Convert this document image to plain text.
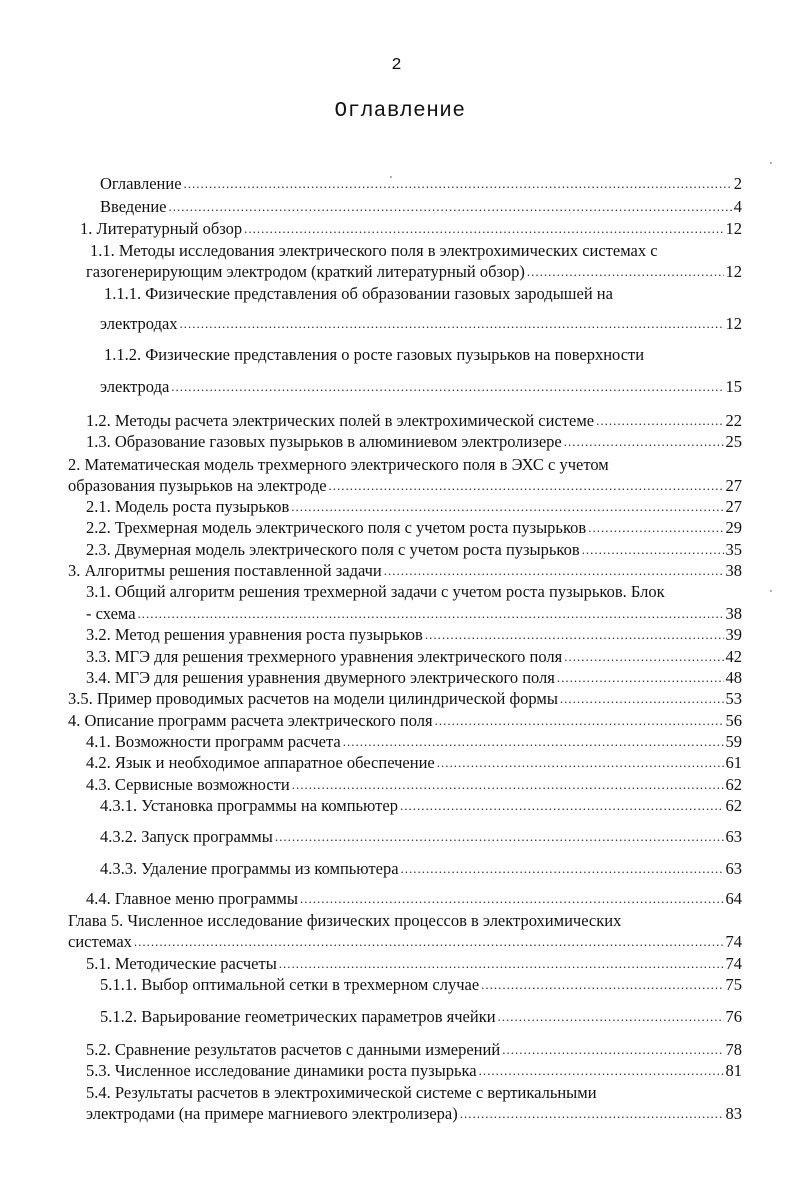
2
Оглавление
Оглавление .....	2
Введение .....	4
1. Литературный обзор .....	12
1.1. Методы исследования электрического поля в электрохимических системах с
газогенерирующим электродом (краткий литературный обзор) .....	12
1.1.1. Физические представления об образовании газовых зародышей на
электродах .....	12
1.1.2. Физические представления о росте газовых пузырьков на поверхности
электрода .....	15
1.2. Методы расчета электрических полей в электрохимической системе .....	22
1.3. Образование газовых пузырьков в алюминиевом электролизере .....	25
2. Математическая модель трехмерного электрического поля в ЭХС с учетом
образования пузырьков на электроде .....	27
2.1. Модель роста пузырьков .....	27
2.2. Трехмерная модель электрического поля с учетом роста пузырьков .....	29
2.3. Двумерная модель электрического поля с учетом роста пузырьков .....	35
3. Алгоритмы решения поставленной задачи .....	38
3.1. Общий алгоритм решения трехмерной задачи с учетом роста пузырьков. Блок
- схема .....	38
3.2. Метод решения уравнения роста пузырьков .....	39
3.3. МГЭ для решения трехмерного уравнения электрического поля .....	42
3.4. МГЭ для решения уравнения двумерного электрического поля .....	48
3.5. Пример проводимых расчетов на модели цилиндрической формы .....	53
4. Описание программ расчета электрического поля .....	56
4.1. Возможности программ расчета .....	59
4.2. Язык и необходимое аппаратное обеспечение .....	61
4.3. Сервисные возможности .....	62
4.3.1. Установка программы на компьютер .....	62
4.3.2. Запуск программы .....	63
4.3.3. Удаление программы из компьютера .....	63
4.4. Главное меню программы .....	64
Глава 5. Численное исследование физических процессов в электрохимических
системах .....	74
5.1. Методические расчеты .....	74
5.1.1. Выбор оптимальной сетки в трехмерном случае .....	75
5.1.2. Варьирование геометрических параметров ячейки .....	76
5.2. Сравнение результатов расчетов с данными измерений .....	78
5.3. Численное исследование динамики роста пузырька .....	81
5.4. Результаты расчетов в электрохимической системе с вертикальными
электродами (на примере магниевого электролизера) .....	83
